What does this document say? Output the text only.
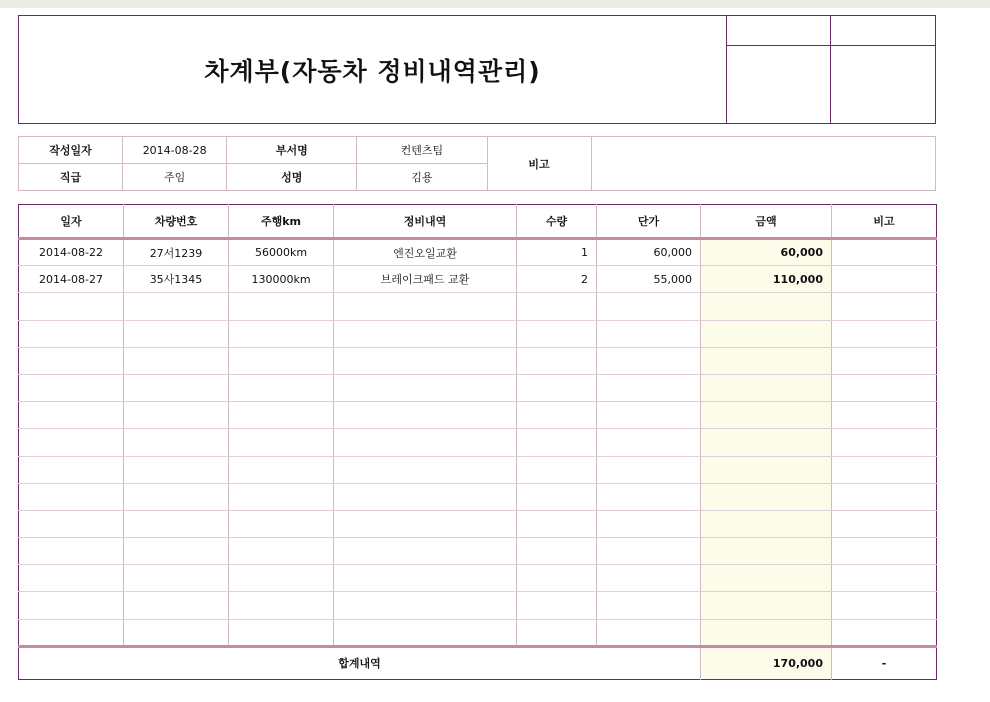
차계부(자동차 정비내역관리)
작성일자	2014-08-28	부서명	컨텐츠팀	비고	
직급	주임	성명	김용		
일자	차량번호	주행km	정비내역	수량	단가	금액	비고
2014-08-22	27서1239	56000km	엔진오일교환	1	60,000	60,000	
2014-08-27	35사1345	130000km	브레이크패드 교환	2	55,000	110,000	

합계내역						170,000	-
